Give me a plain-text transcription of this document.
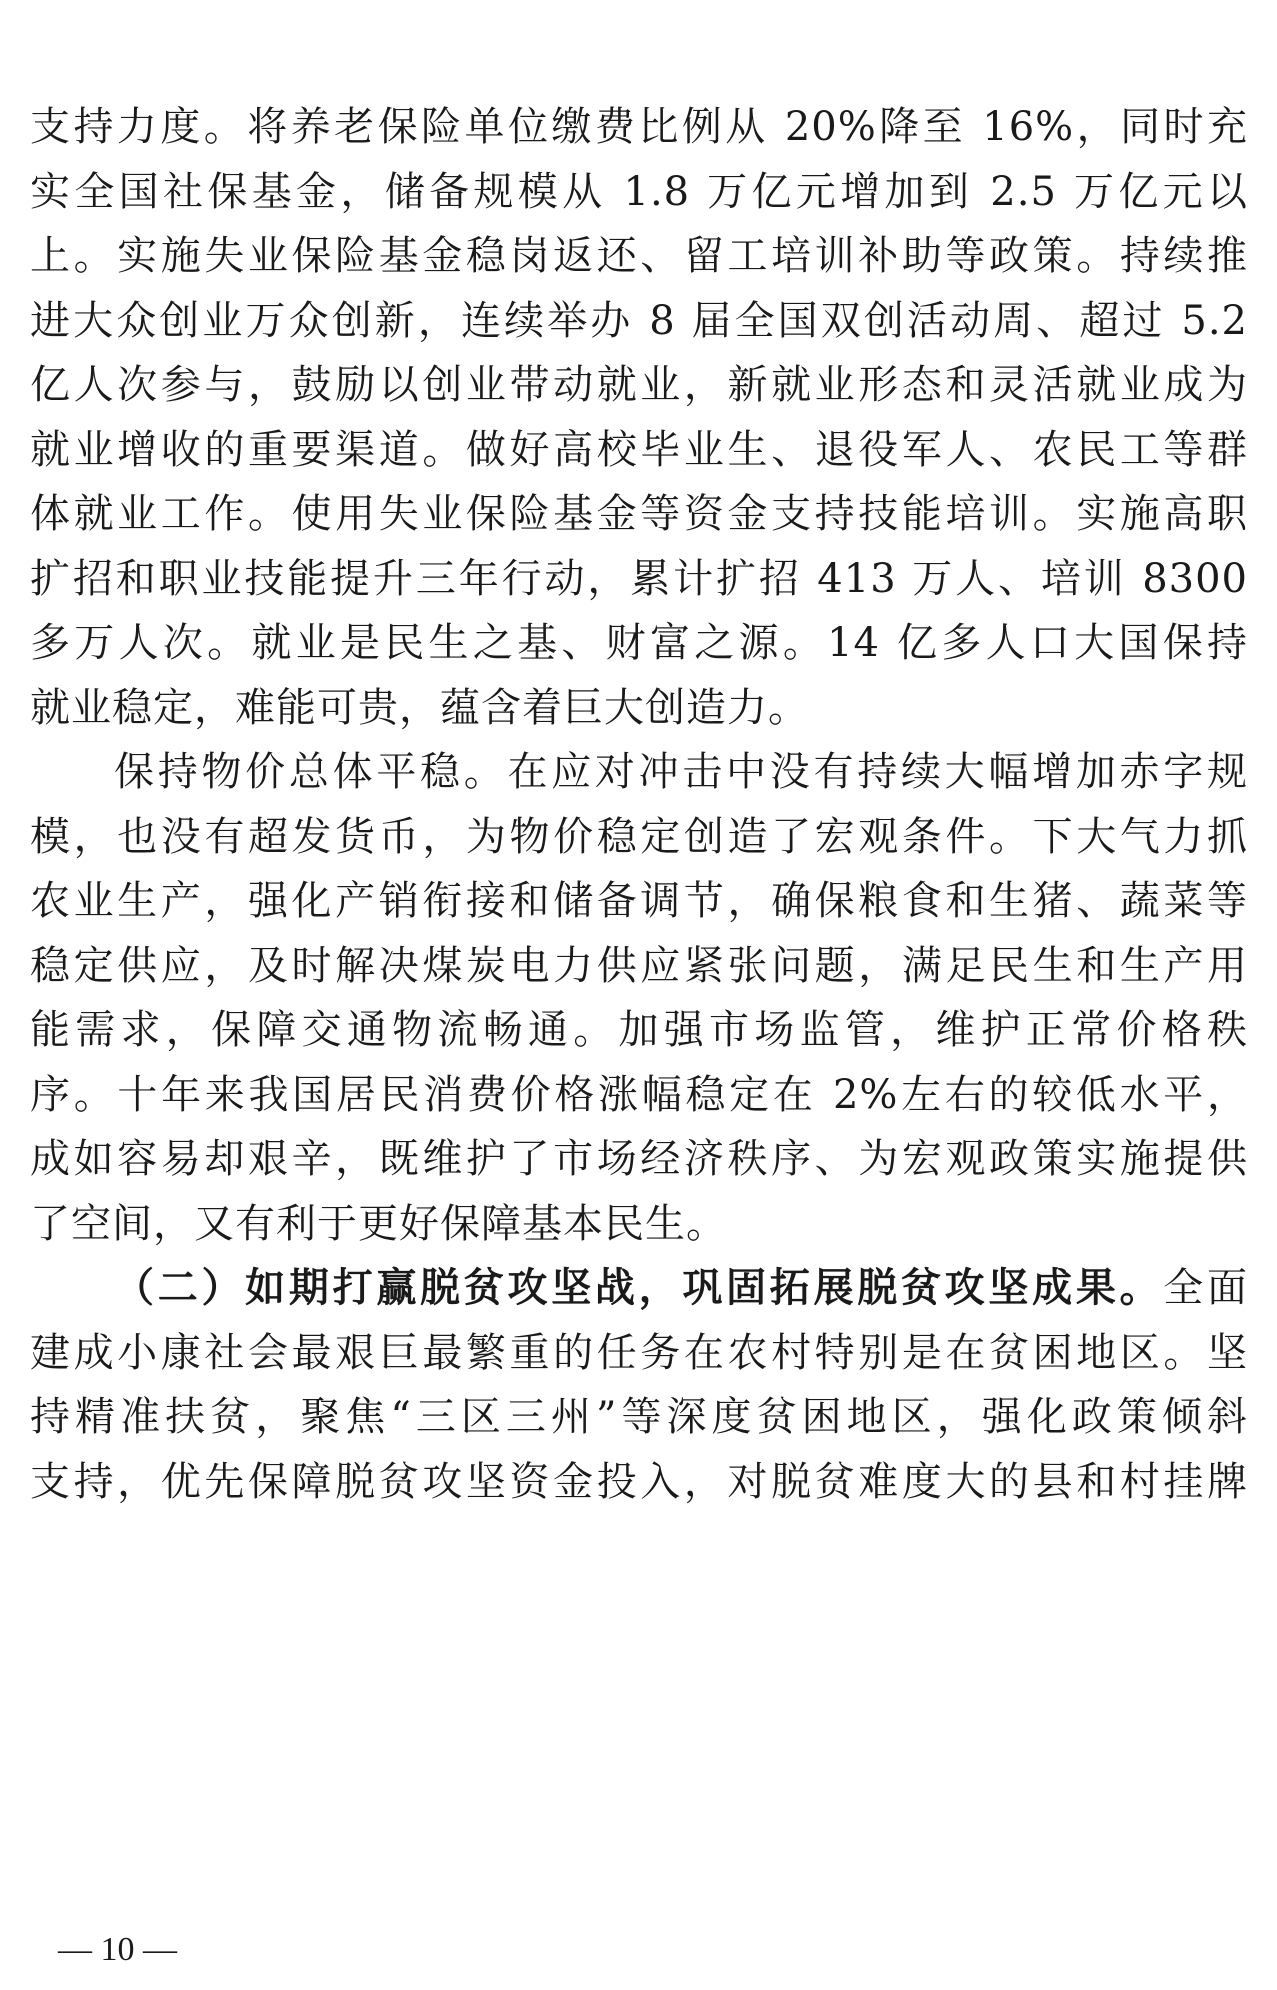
支持力度。将养老保险单位缴费比例从 20%降至 16%，同时充
实全国社保基金，储备规模从 1.8 万亿元增加到 2.5 万亿元以
上。实施失业保险基金稳岗返还、留工培训补助等政策。持续推
进大众创业万众创新，连续举办 8 届全国双创活动周、超过 5.2
亿人次参与，鼓励以创业带动就业，新就业形态和灵活就业成为
就业增收的重要渠道。做好高校毕业生、退役军人、农民工等群
体就业工作。使用失业保险基金等资金支持技能培训。实施高职
扩招和职业技能提升三年行动，累计扩招 413 万人、培训 8300
多万人次。就业是民生之基、财富之源。14 亿多人口大国保持
就业稳定，难能可贵，蕴含着巨大创造力。
保持物价总体平稳。在应对冲击中没有持续大幅增加赤字规
模，也没有超发货币，为物价稳定创造了宏观条件。下大气力抓
农业生产，强化产销衔接和储备调节，确保粮食和生猪、蔬菜等
稳定供应，及时解决煤炭电力供应紧张问题，满足民生和生产用
能需求，保障交通物流畅通。加强市场监管，维护正常价格秩
序。十年来我国居民消费价格涨幅稳定在 2%左右的较低水平，
成如容易却艰辛，既维护了市场经济秩序、为宏观政策实施提供
了空间，又有利于更好保障基本民生。
（二）如期打赢脱贫攻坚战，巩固拓展脱贫攻坚成果。全面
建成小康社会最艰巨最繁重的任务在农村特别是在贫困地区。坚
持精准扶贫，聚焦“三区三州”等深度贫困地区，强化政策倾斜
支持，优先保障脱贫攻坚资金投入，对脱贫难度大的县和村挂牌
— 10 —
